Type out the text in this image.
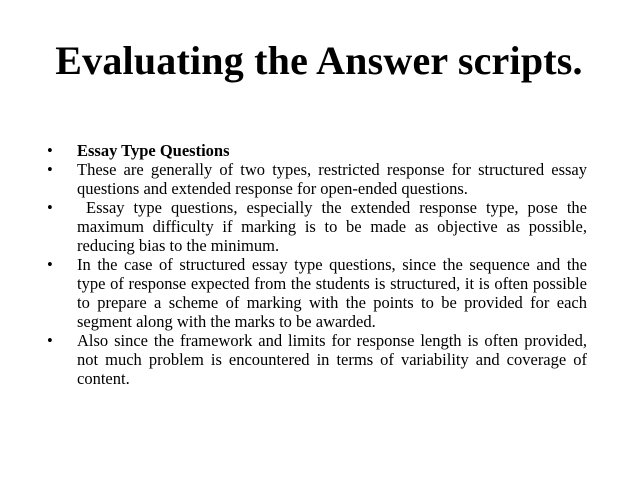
Evaluating the Answer scripts.
•	Essay Type Questions
•	These are generally of two types, restricted response for structured essay questions and extended response for open-ended questions.
•	Essay type questions, especially the extended response type, pose the maximum difficulty if marking is to be made as objective as possible, reducing bias to the minimum.
•	In the case of structured essay type questions, since the sequence and the type of response expected from the students is structured, it is often possible to prepare a scheme of marking with the points to be provided for each segment along with the marks to be awarded.
•	Also since the framework and limits for response length is often provided, not much problem is encountered in terms of variability and coverage of content.
